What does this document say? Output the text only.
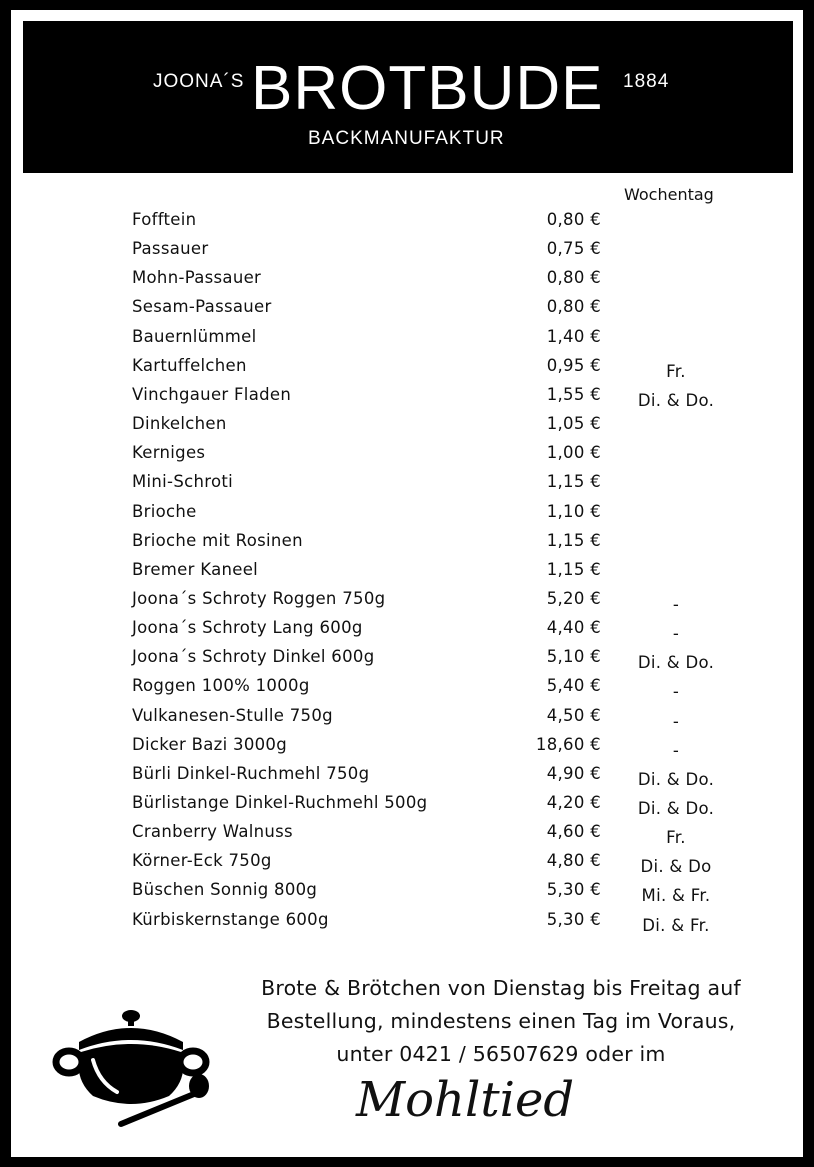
JOONA´S BROTBUDE 1884
BACKMANUFAKTUR
Wochentag
Fofftein	0,80 €
Passauer	0,75 €
Mohn-Passauer	0,80 €
Sesam-Passauer	0,80 €
Bauernlümmel	1,40 €
Kartuffelchen	0,95 €	Fr.
Vinchgauer Fladen	1,55 €	Di. & Do.
Dinkelchen	1,05 €
Kerniges	1,00 €
Mini-Schroti	1,15 €
Brioche	1,10 €
Brioche mit Rosinen	1,15 €
Bremer Kaneel	1,15 €
Joona´s Schroty Roggen 750g	5,20 €	-
Joona´s Schroty Lang 600g	4,40 €	-
Joona´s Schroty Dinkel 600g	5,10 €	Di. & Do.
Roggen 100% 1000g	5,40 €	-
Vulkanesen-Stulle 750g	4,50 €	-
Dicker Bazi 3000g	18,60 €	-
Bürli Dinkel-Ruchmehl 750g	4,90 €	Di. & Do.
Bürlistange Dinkel-Ruchmehl 500g	4,20 €	Di. & Do.
Cranberry Walnuss	4,60 €	Fr.
Körner-Eck 750g	4,80 €	Di. & Do
Büschen Sonnig 800g	5,30 €	Mi. & Fr.
Kürbiskernstange 600g	5,30 €	Di. & Fr.
Brote & Brötchen von Dienstag bis Freitag auf
Bestellung, mindestens einen Tag im Voraus,
unter 0421 / 56507629 oder im
Mohltied
